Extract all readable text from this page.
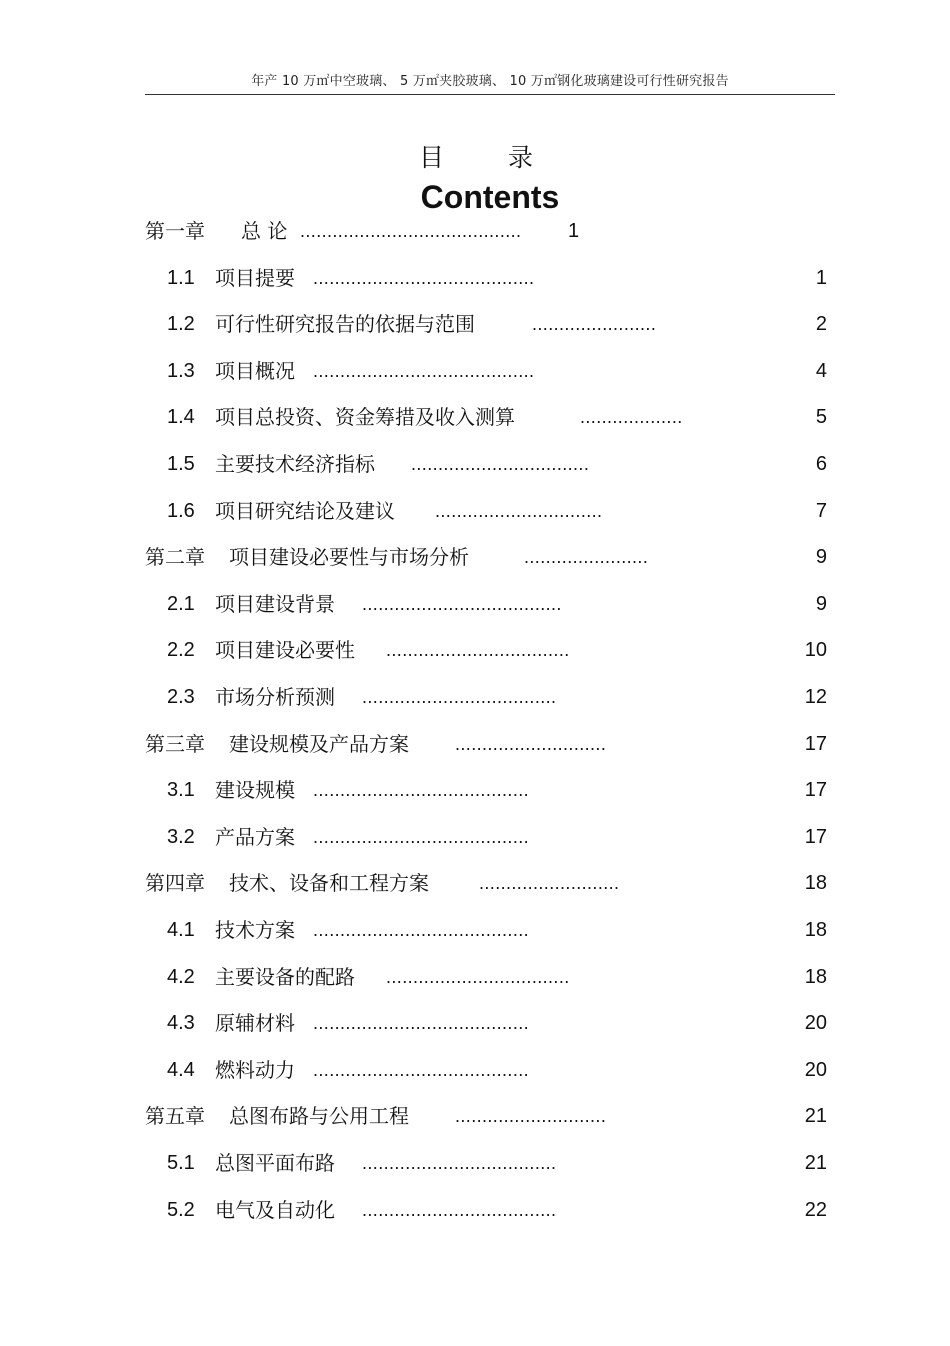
年产 10 万㎡中空玻璃、 5 万㎡夹胶玻璃、 10 万㎡钢化玻璃建设可行性研究报告
目 录
Contents
第一章 总 论 ......................................... 1
1.1 项目提要 .........................................	1
1.2 可行性研究报告的依据与范围	.......................	2
1.3 项目概况 .........................................	4
1.4 项目总投资、资金筹措及收入测算	...................	5
1.5 主要技术经济指标 .................................	6
1.6 项目研究结论及建议 ...............................	7
第二章 项目建设必要性与市场分析	.......................	9
2.1 项目建设背景 .....................................	9
2.2 项目建设必要性 ..................................	10
2.3 市场分析预测 ....................................	12
第三章 建设规模及产品方案	............................	17
3.1 建设规模 ........................................	17
3.2 产品方案 ........................................	17
第四章 技术、设备和工程方案	..........................	18
4.1 技术方案 ........................................	18
4.2 主要设备的配路 ..................................	18
4.3 原辅材料 ........................................	20
4.4 燃料动力 ........................................	20
第五章 总图布路与公用工程	............................	21
5.1 总图平面布路 ....................................	21
5.2 电气及自动化 ....................................	22
